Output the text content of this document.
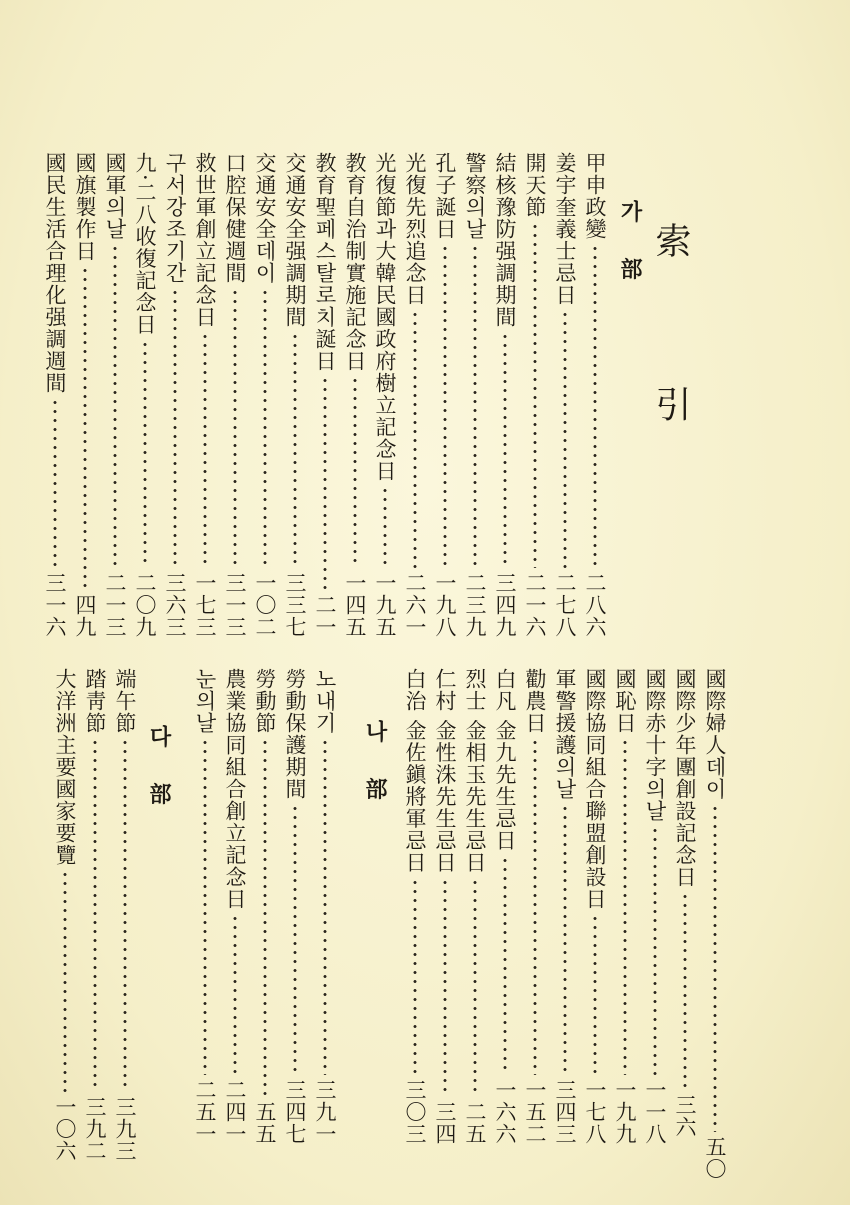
索 引
國際婦人데이
五〇
國際少年團創設記念日
三六
國際赤十字의날
一一八
國恥日
一九九
國際協同組合聯盟創設日
一七八
甲申政變
二八六
가 部
姜宇奎義士忌日
二七八
開天節
二一六
結核豫防强調期間
三四九
警察의날
二三九
孔子誕日
一九八
光復先烈追念日
二六一
光復節과大韓民國政府樹立記念日
一九五
教育自治制實施記念日
一四五
教育聖페스탈로치誕日
二一
交通安全强調期間
三三七
交通安全데이
一〇二
口腔保健週間
三一三
救世軍創立記念日
一七三
구서강조기간
三六三
九·二八收復記念日
二〇九
國軍의날
二一三
國旗製作日
四九
國民生活合理化强調週間
三一六
軍警援護의날
三四三
勸農日
一五二
白凡 金九先生忌日
一六六
烈士 金相玉先生忌日
二五
仁村 金性洙先生忌日
三四
白治 金佐鎭將軍忌日
三〇三
나 部
노내기
三九一
勞動保護期間
三四七
勞動節
五五
農業協同組合創立記念日
二四一
눈의날
二五一
다 部
端午節
三九三
踏靑節
三九二
大洋洲主要國家要覽
一〇六
